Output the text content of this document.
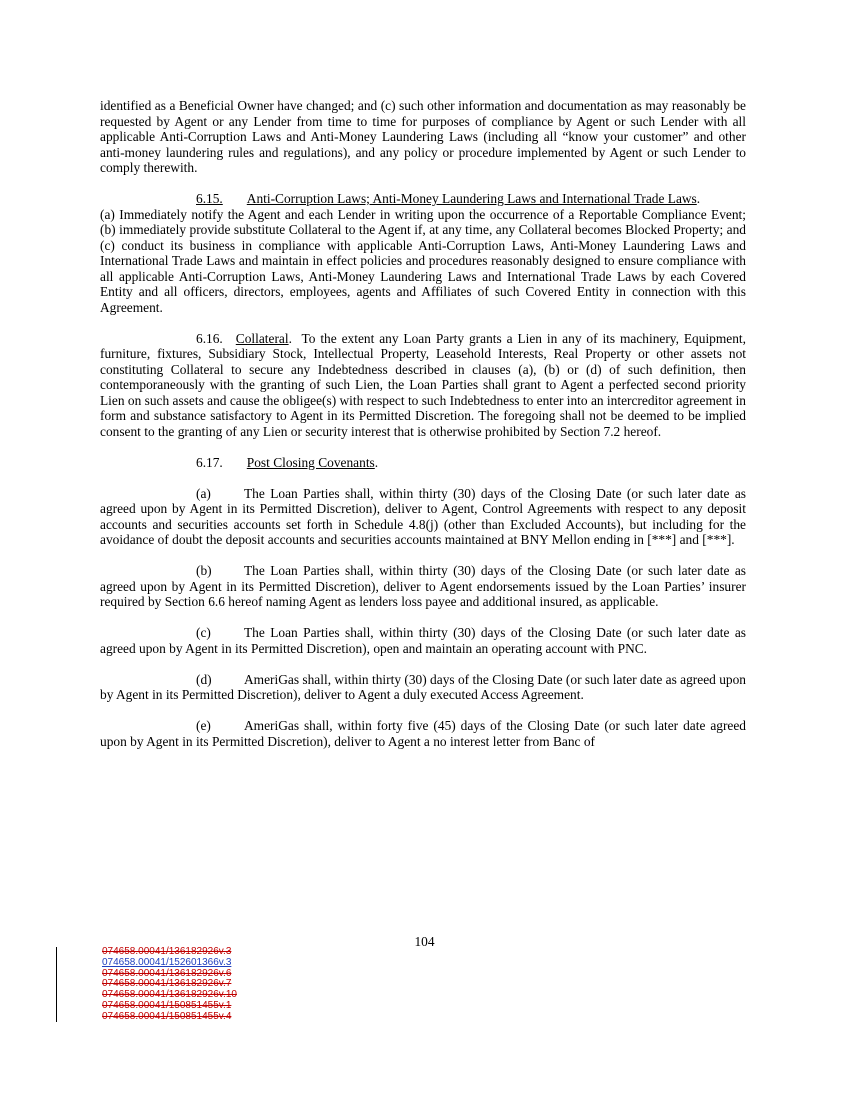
identified as a Beneficial Owner have changed; and (c) such other information and documentation as may reasonably be requested by Agent or any Lender from time to time for purposes of compliance by Agent or such Lender with all applicable Anti-Corruption Laws and Anti-Money Laundering Laws (including all “know your customer” and other anti-money laundering rules and regulations), and any policy or procedure implemented by Agent or such Lender to comply therewith.

6.15. Anti-Corruption Laws; Anti-Money Laundering Laws and International Trade Laws.

(a) Immediately notify the Agent and each Lender in writing upon the occurrence of a Reportable Compliance Event; (b) immediately provide substitute Collateral to the Agent if, at any time, any Collateral becomes Blocked Property; and (c) conduct its business in compliance with applicable Anti-Corruption Laws, Anti-Money Laundering Laws and International Trade Laws and maintain in effect policies and procedures reasonably designed to ensure compliance with all applicable Anti-Corruption Laws, Anti-Money Laundering Laws and International Trade Laws by each Covered Entity and all officers, directors, employees, agents and Affiliates of such Covered Entity in connection with this Agreement.

6.16. Collateral. To the extent any Loan Party grants a Lien in any of its machinery, Equipment, furniture, fixtures, Subsidiary Stock, Intellectual Property, Leasehold Interests, Real Property or other assets not constituting Collateral to secure any Indebtedness described in clauses (a), (b) or (d) of such definition, then contemporaneously with the granting of such Lien, the Loan Parties shall grant to Agent a perfected second priority Lien on such assets and cause the obligee(s) with respect to such Indebtedness to enter into an intercreditor agreement in form and substance satisfactory to Agent in its Permitted Discretion. The foregoing shall not be deemed to be implied consent to the granting of any Lien or security interest that is otherwise prohibited by Section 7.2 hereof.

6.17. Post Closing Covenants.

(a) The Loan Parties shall, within thirty (30) days of the Closing Date (or such later date as agreed upon by Agent in its Permitted Discretion), deliver to Agent, Control Agreements with respect to any deposit accounts and securities accounts set forth in Schedule 4.8(j) (other than Excluded Accounts), but including for the avoidance of doubt the deposit accounts and securities accounts maintained at BNY Mellon ending in [***] and [***].

(b) The Loan Parties shall, within thirty (30) days of the Closing Date (or such later date as agreed upon by Agent in its Permitted Discretion), deliver to Agent endorsements issued by the Loan Parties’ insurer required by Section 6.6 hereof naming Agent as lenders loss payee and additional insured, as applicable.

(c) The Loan Parties shall, within thirty (30) days of the Closing Date (or such later date as agreed upon by Agent in its Permitted Discretion), open and maintain an operating account with PNC.

(d) AmeriGas shall, within thirty (30) days of the Closing Date (or such later date as agreed upon by Agent in its Permitted Discretion), deliver to Agent a duly executed Access Agreement.

(e) AmeriGas shall, within forty five (45) days of the Closing Date (or such later date agreed upon by Agent in its Permitted Discretion), deliver to Agent a no interest letter from Banc of

104
074658.00041/136182926v.3
074658.00041/152601366v.3
074658.00041/136182926v.6
074658.00041/136182926v.7
074658.00041/136182926v.10
074658.00041/150851455v.1
074658.00041/150851455v.4
